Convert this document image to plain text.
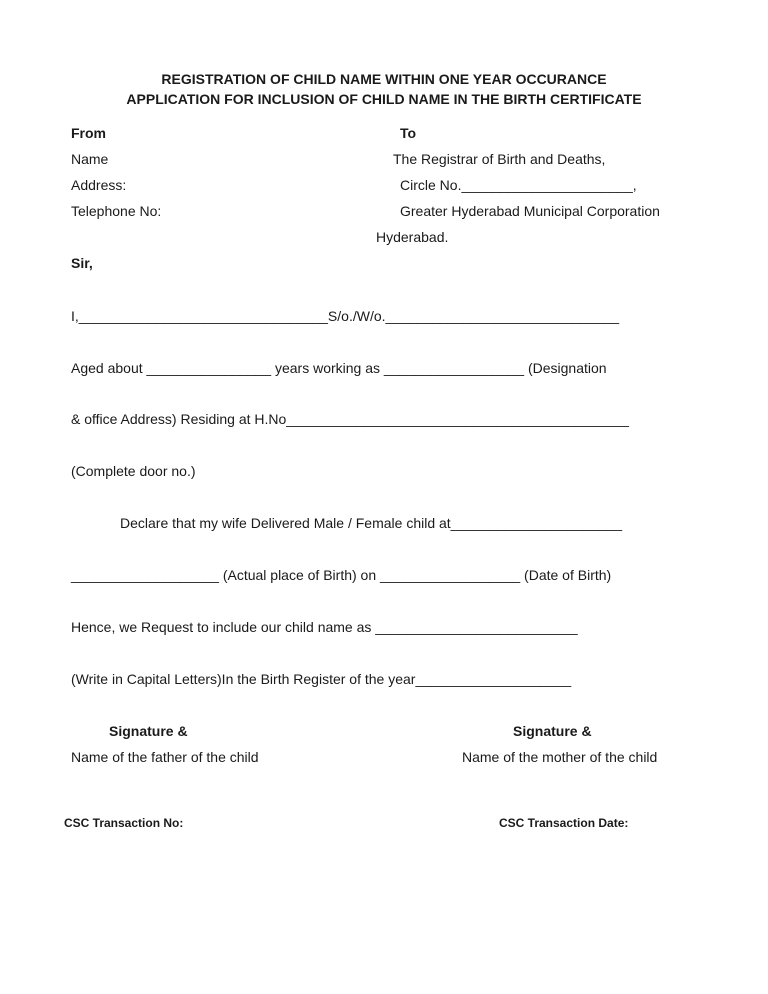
REGISTRATION OF CHILD NAME WITHIN ONE YEAR OCCURANCE
APPLICATION FOR INCLUSION OF CHILD NAME IN THE BIRTH CERTIFICATE
From
Name
Address:
Telephone No:
To
The Registrar of Birth and Deaths,
Circle No.______________________,
Greater Hyderabad Municipal Corporation
Hyderabad.
Sir,
I,________________________________S/o./W/o.______________________________
Aged about ________________ years working as __________________ (Designation
& office Address) Residing at H.No____________________________________________
(Complete door no.)
Declare that my wife Delivered Male / Female child at______________________
___________________ (Actual place of Birth) on __________________ (Date of Birth)
Hence, we Request to include our child name as __________________________
(Write in Capital Letters)In the Birth Register of the year____________________
Signature &
Name of the father of the child
Signature &
Name of the mother of the child
CSC Transaction No:	CSC Transaction Date:
